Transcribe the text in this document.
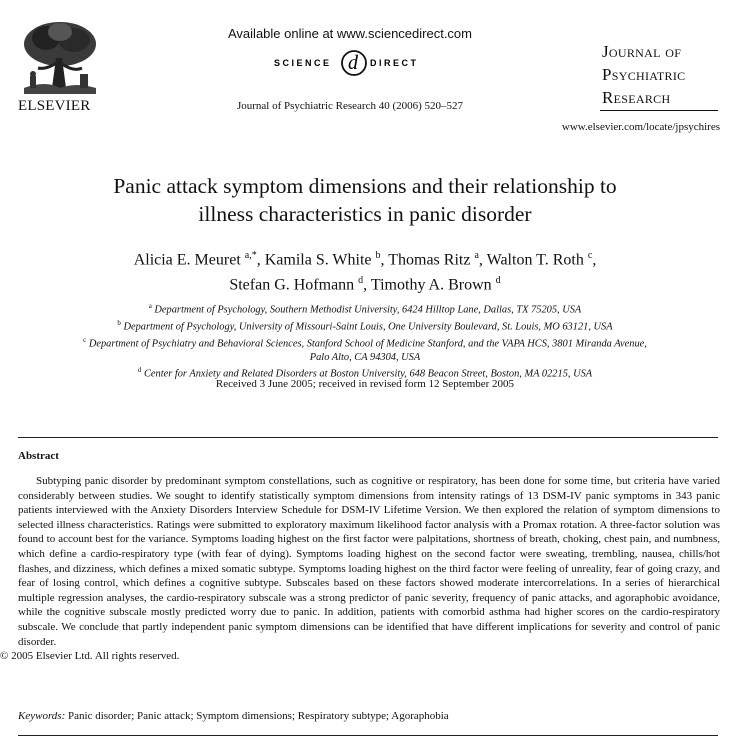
ELSEVIER
Available online at www.sciencedirect.com
SCIENCE d DIRECT
Journal of Psychiatric Research 40 (2006) 520–527
Journal of
Psychiatric
Research
www.elsevier.com/locate/jpsychires
Panic attack symptom dimensions and their relationship to
illness characteristics in panic disorder
Alicia E. Meuret $^{a,*}$, Kamila S. White $^b$, Thomas Ritz $^a$, Walton T. Roth $^c$,
Stefan G. Hofmann $^d$, Timothy A. Brown $^d$
$^a$ Department of Psychology, Southern Methodist University, 6424 Hilltop Lane, Dallas, TX 75205, USA
$^b$ Department of Psychology, University of Missouri-Saint Louis, One University Boulevard, St. Louis, MO 63121, USA
$^c$ Department of Psychiatry and Behavioral Sciences, Stanford School of Medicine Stanford, and the VAPA HCS, 3801 Miranda Avenue,
Palo Alto, CA 94304, USA
$^d$ Center for Anxiety and Related Disorders at Boston University, 648 Beacon Street, Boston, MA 02215, USA
Received 3 June 2005; received in revised form 12 September 2005
Abstract
Subtyping panic disorder by predominant symptom constellations, such as cognitive or respiratory, has been done for some time, but criteria have varied considerably between studies. We sought to identify statistically symptom dimensions from intensity ratings of 13 DSM-IV panic symptoms in 343 panic patients interviewed with the Anxiety Disorders Interview Schedule for DSM-IV Lifetime Version. We then explored the relation of symptom dimensions to selected illness characteristics. Ratings were submitted to exploratory maximum likelihood factor analysis with a Promax rotation. A three-factor solution was found to account best for the variance. Symptoms loading highest on the first factor were palpitations, shortness of breath, choking, chest pain, and numbness, which define a cardio-respiratory type (with fear of dying). Symptoms loading highest on the second factor were sweating, trembling, nausea, chills/hot flashes, and dizziness, which defines a mixed somatic subtype. Symptoms loading highest on the third factor were feeling of unreality, fear of going crazy, and fear of losing control, which defines a cognitive subtype. Subscales based on these factors showed moderate intercorrelations. In a series of hierarchical multiple regression analyses, the cardio-respiratory subscale was a strong predictor of panic severity, frequency of panic attacks, and agoraphobic avoidance, while the cognitive subscale mostly predicted worry due to panic. In addition, patients with comorbid asthma had higher scores on the cardio-respiratory subscale. We conclude that partly independent panic symptom dimensions can be identified that have different implications for severity and control of panic disorder.
© 2005 Elsevier Ltd. All rights reserved.
Keywords: Panic disorder; Panic attack; Symptom dimensions; Respiratory subtype; Agoraphobia
